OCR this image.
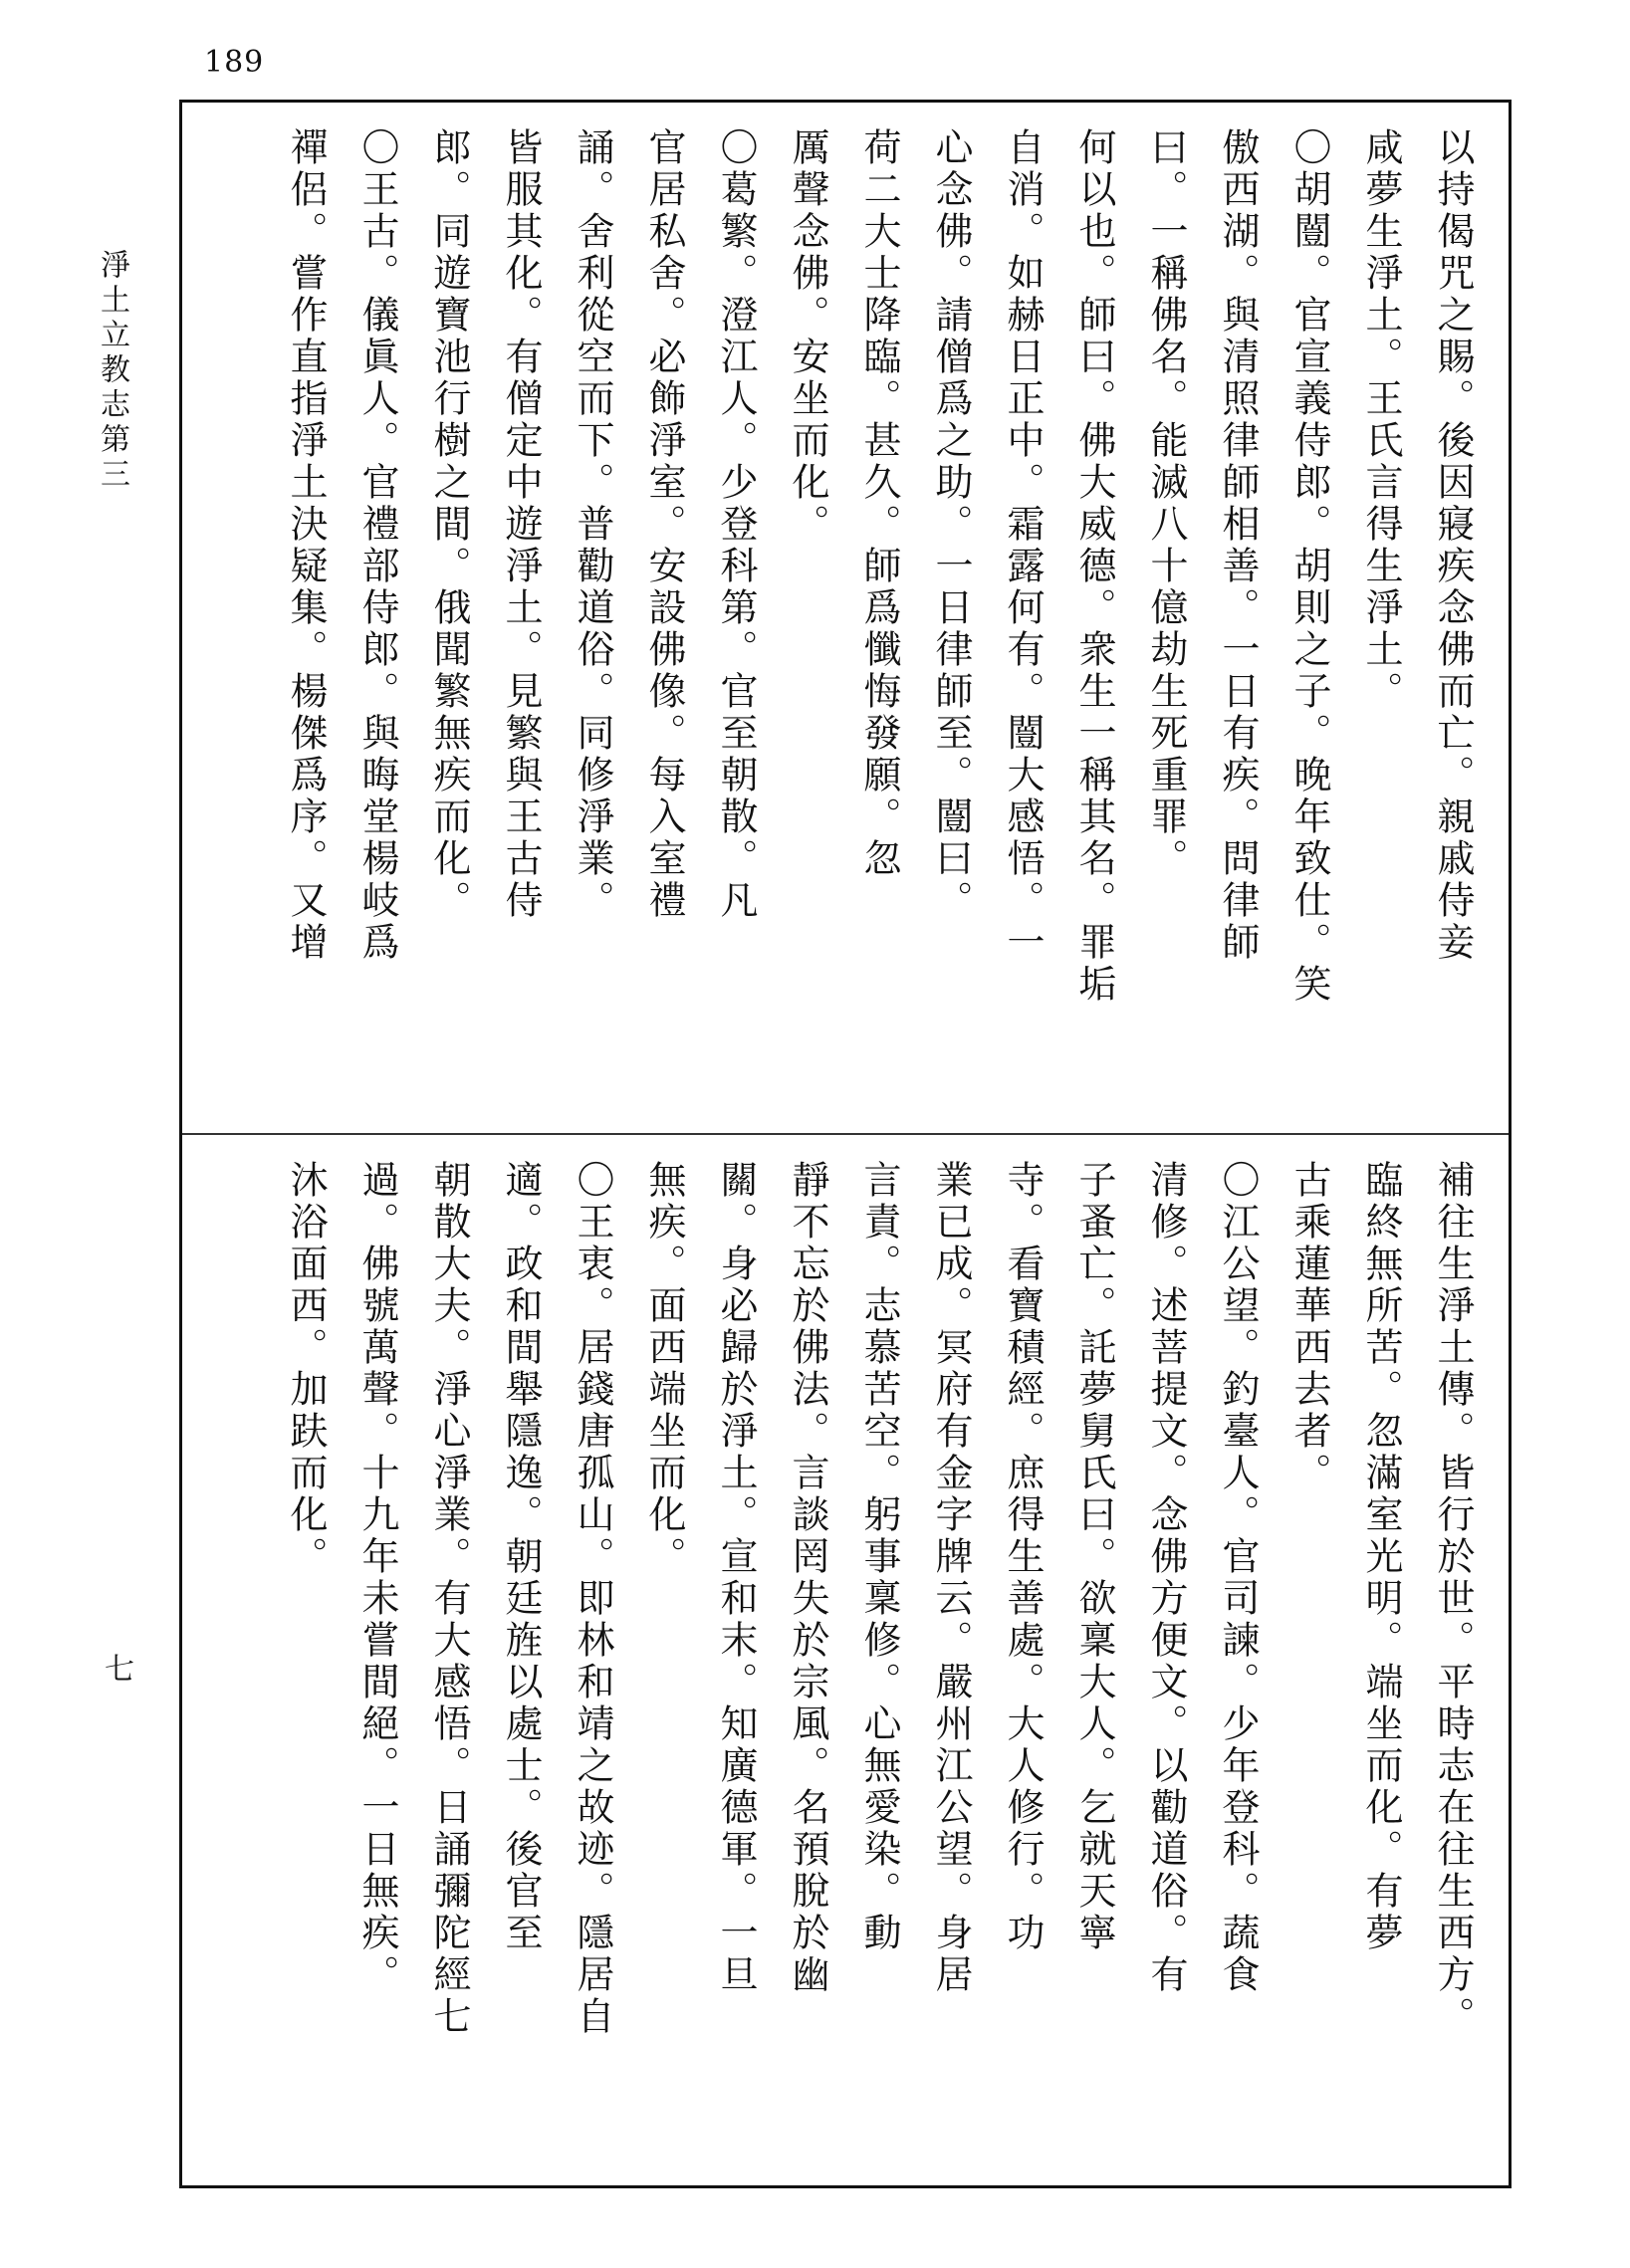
189
淨土立教志第三
七
以持偈咒之賜。後因寢疾念佛而亡。親戚侍妾
咸夢生淨土。王氏言得生淨土。
〇胡闓。官宣義侍郎。胡則之子。晚年致仕。笑
傲西湖。與清照律師相善。一日有疾。問律師
曰。一稱佛名。能滅八十億劫生死重罪。
何以也。師曰。佛大威德。衆生一稱其名。罪垢
自消。如赫日正中。霜露何有。闓大感悟。一
心念佛。請僧爲之助。一日律師至。闓曰。
荷二大士降臨。甚久。師爲懺悔發願。忽
厲聲念佛。安坐而化。
〇葛繁。澄江人。少登科第。官至朝散。凡
官居私舍。必飾淨室。安設佛像。每入室禮
誦。舍利從空而下。普勸道俗。同修淨業。
皆服其化。有僧定中遊淨土。見繁與王古侍
郎。同遊寶池行樹之間。俄聞繁無疾而化。
〇王古。儀眞人。官禮部侍郎。與晦堂楊岐爲
禪侶。嘗作直指淨土決疑集。楊傑爲序。又增
補往生淨土傳。皆行於世。平時志在往生西方。
臨終無所苦。忽滿室光明。端坐而化。有夢
古乘蓮華西去者。
〇江公望。釣臺人。官司諫。少年登科。蔬食
清修。述菩提文。念佛方便文。以勸道俗。有
子蚤亡。託夢舅氏曰。欲稟大人。乞就天寧
寺。看寶積經。庶得生善處。大人修行。功
業已成。冥府有金字牌云。嚴州江公望。身居
言責。志慕苦空。躬事稟修。心無愛染。動
靜不忘於佛法。言談罔失於宗風。名預脫於幽
關。身必歸於淨土。宣和末。知廣德軍。一旦
無疾。面西端坐而化。
〇王衷。居錢唐孤山。即林和靖之故迹。隱居自
適。政和間舉隱逸。朝廷旌以處士。後官至
朝散大夫。淨心淨業。有大感悟。日誦彌陀經七
過。佛號萬聲。十九年未嘗間絕。一日無疾。
沐浴面西。加趺而化。
